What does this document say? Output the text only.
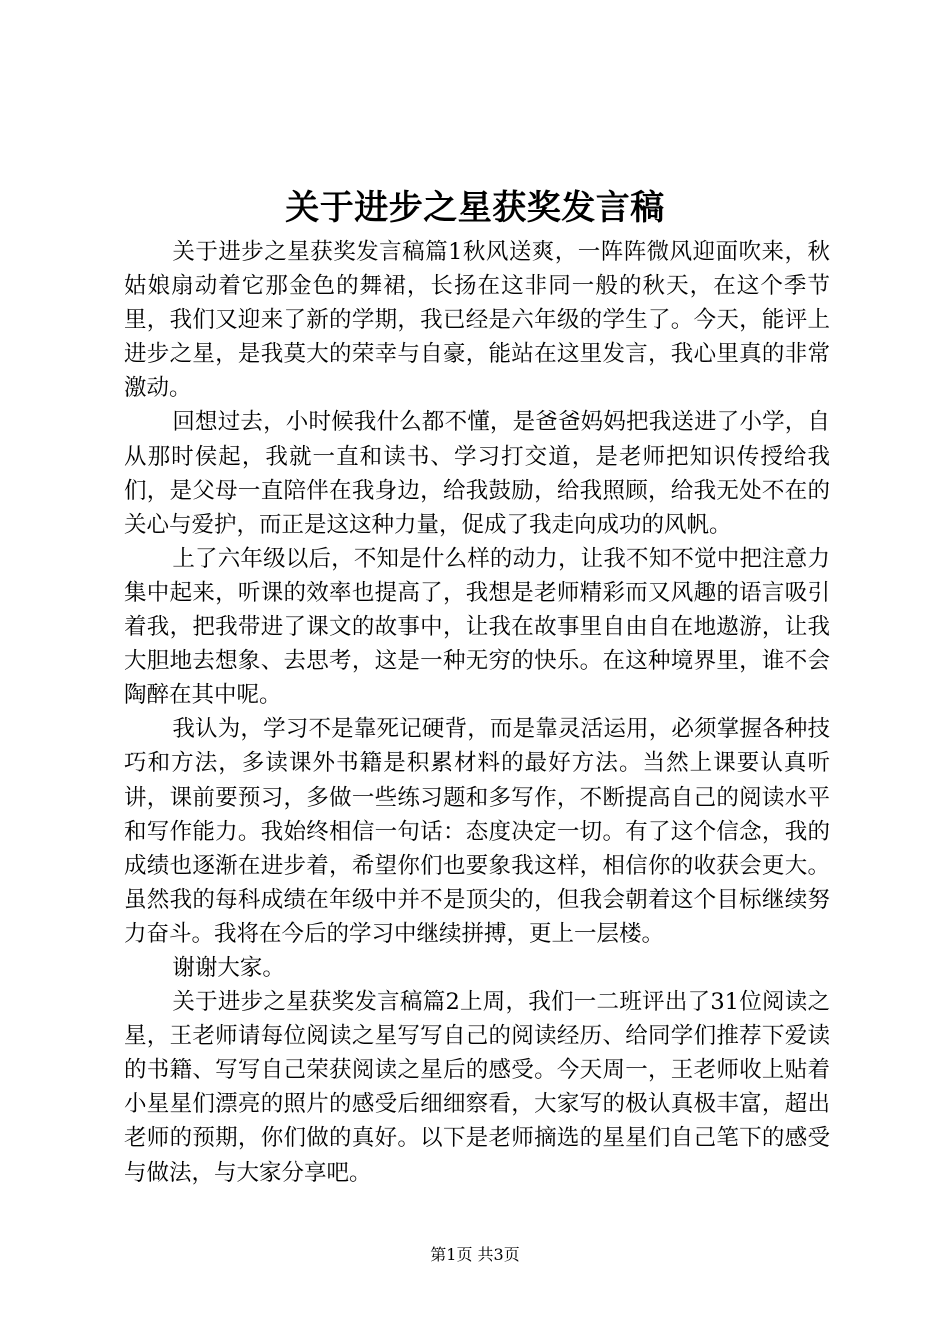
关于进步之星获奖发言稿

关于进步之星获奖发言稿篇1秋风送爽，一阵阵微风迎面吹来，秋姑娘扇动着它那金色的舞裙，长扬在这非同一般的秋天，在这个季节里，我们又迎来了新的学期，我已经是六年级的学生了。今天，能评上进步之星，是我莫大的荣幸与自豪，能站在这里发言，我心里真的非常激动。

回想过去，小时候我什么都不懂，是爸爸妈妈把我送进了小学，自从那时侯起，我就一直和读书、学习打交道，是老师把知识传授给我们，是父母一直陪伴在我身边，给我鼓励，给我照顾，给我无处不在的关心与爱护，而正是这这种力量，促成了我走向成功的风帆。

上了六年级以后，不知是什么样的动力，让我不知不觉中把注意力集中起来，听课的效率也提高了，我想是老师精彩而又风趣的语言吸引着我，把我带进了课文的故事中，让我在故事里自由自在地遨游，让我大胆地去想象、去思考，这是一种无穷的快乐。在这种境界里，谁不会陶醉在其中呢。

我认为，学习不是靠死记硬背，而是靠灵活运用，必须掌握各种技巧和方法，多读课外书籍是积累材料的最好方法。当然上课要认真听讲，课前要预习，多做一些练习题和多写作，不断提高自己的阅读水平和写作能力。我始终相信一句话：态度决定一切。有了这个信念，我的成绩也逐渐在进步着，希望你们也要象我这样，相信你的收获会更大。虽然我的每科成绩在年级中并不是顶尖的，但我会朝着这个目标继续努力奋斗。我将在今后的学习中继续拼搏，更上一层楼。

谢谢大家。

关于进步之星获奖发言稿篇2上周，我们一二班评出了31位阅读之星，王老师请每位阅读之星写写自己的阅读经历、给同学们推荐下爱读的书籍、写写自己荣获阅读之星后的感受。今天周一，王老师收上贴着小星星们漂亮的照片的感受后细细察看，大家写的极认真极丰富，超出老师的预期，你们做的真好。以下是老师摘选的星星们自己笔下的感受与做法，与大家分享吧。

第1页 共3页
